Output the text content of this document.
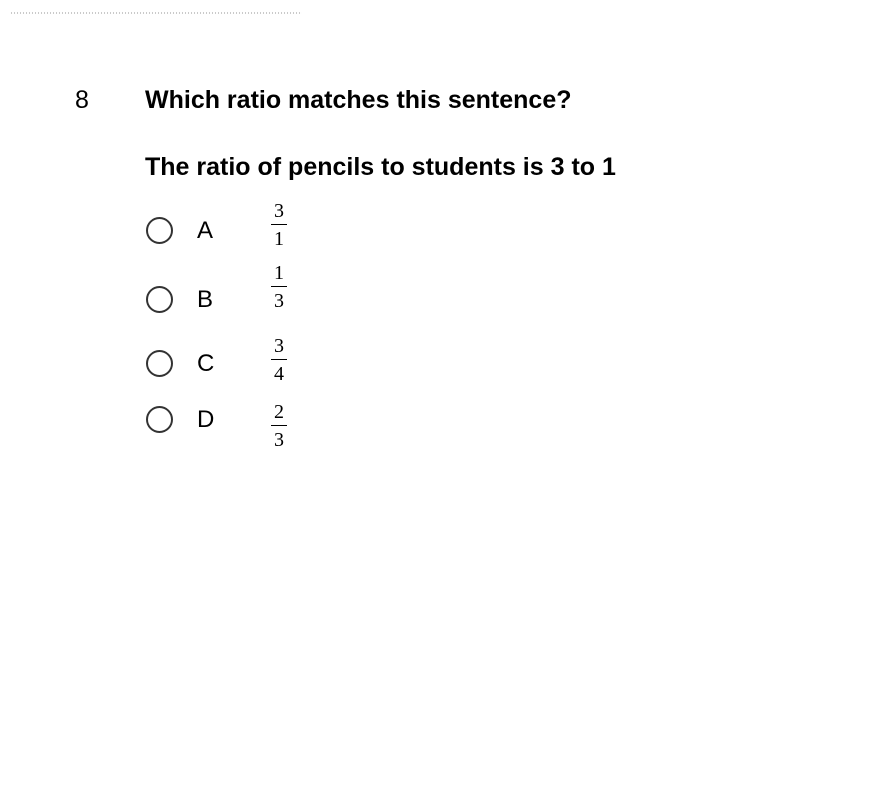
8 Which ratio matches this sentence?
The ratio of pencils to students is 3 to 1
A
3
1
B
1
3
C
3
4
D	2
3
